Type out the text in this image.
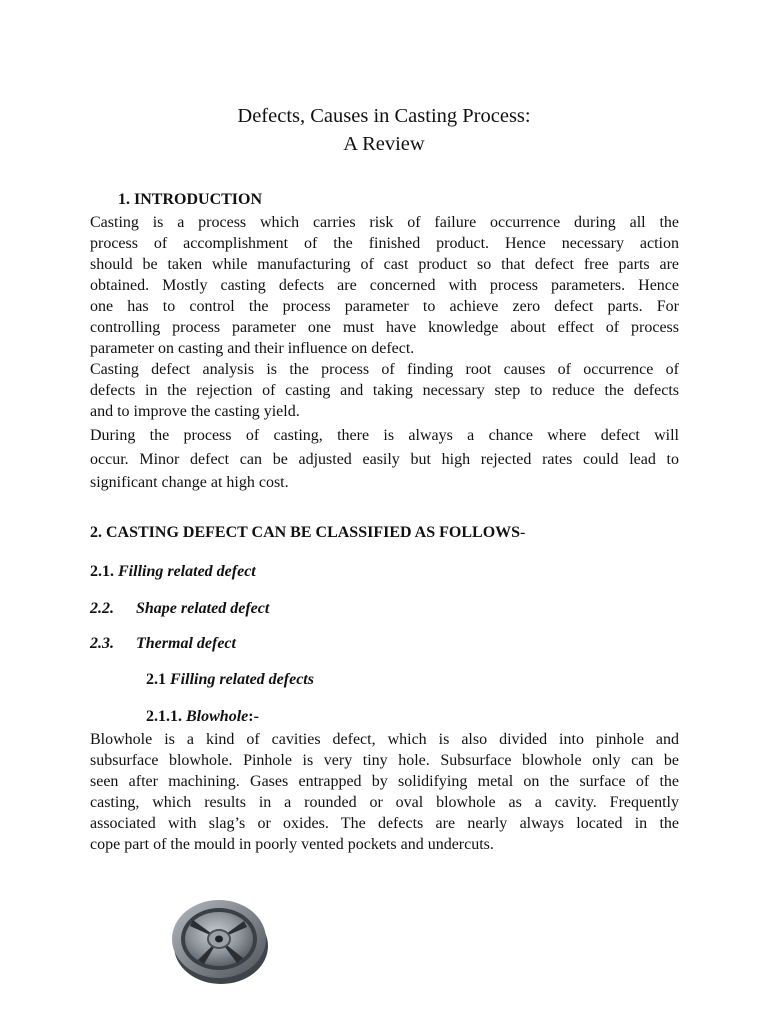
Defects, Causes in Casting Process:
A Review
1. INTRODUCTION
Casting is a process which carries risk of failure occurrence during all the
process of accomplishment of the finished product. Hence necessary action
should be taken while manufacturing of cast product so that defect free parts are
obtained. Mostly casting defects are concerned with process parameters. Hence
one has to control the process parameter to achieve zero defect parts. For
controlling process parameter one must have knowledge about effect of process
parameter on casting and their influence on defect.
Casting defect analysis is the process of finding root causes of occurrence of
defects in the rejection of casting and taking necessary step to reduce the defects
and to improve the casting yield.
During the process of casting, there is always a chance where defect will
occur. Minor defect can be adjusted easily but high rejected rates could lead to
significant change at high cost.
2. CASTING DEFECT CAN BE CLASSIFIED AS FOLLOWS-
2.1. Filling related defect
2.2. Shape related defect
2.3. Thermal defect
2.1 Filling related defects
2.1.1. Blowhole:-
Blowhole is a kind of cavities defect, which is also divided into pinhole and
subsurface blowhole. Pinhole is very tiny hole. Subsurface blowhole only can be
seen after machining. Gases entrapped by solidifying metal on the surface of the
casting, which results in a rounded or oval blowhole as a cavity. Frequently
associated with slag’s or oxides. The defects are nearly always located in the
cope part of the mould in poorly vented pockets and undercuts.
